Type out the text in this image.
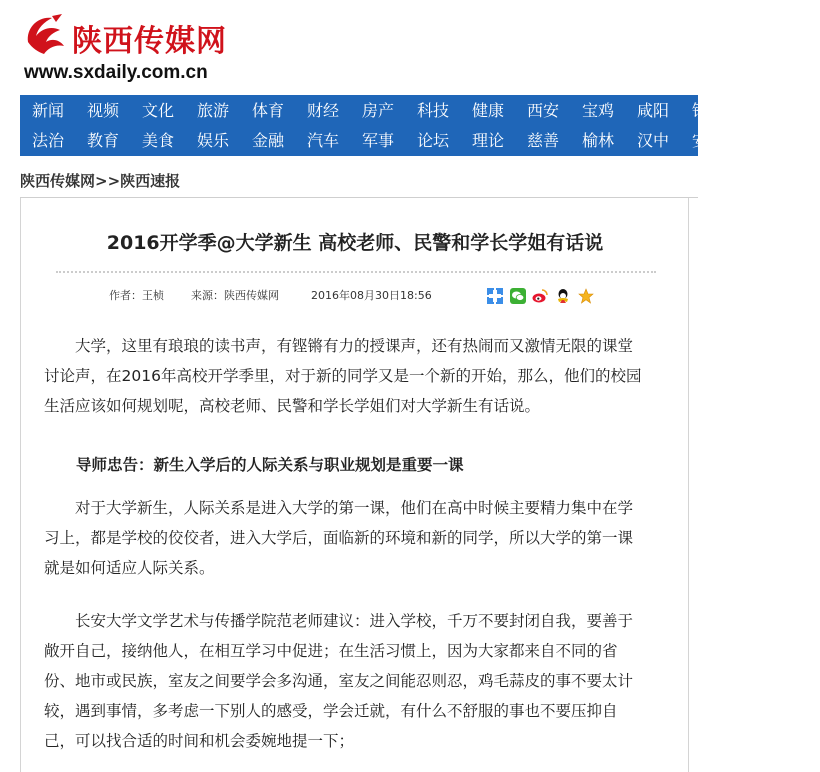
陕西传媒网
www.sxdaily.com.cn
新闻 视频 文化 旅游 体育 财经 房产 科技 健康 西安 宝鸡 咸阳 铜
法治 教育 美食 娱乐 金融 汽车 军事 论坛 理论 慈善 榆林 汉中 安
陕西传媒网>>陕西速报
2016开学季@大学新生 高校老师、民警和学长学姐有话说
作者：王桢 来源：陕西传媒网	2016年08月30日18:56
大学，这里有琅琅的读书声，有铿锵有力的授课声，还有热闹而又激情无限的课堂
讨论声，在2016年高校开学季里，对于新的同学又是一个新的开始，那么，他们的校园
生活应该如何规划呢，高校老师、民警和学长学姐们对大学新生有话说。
导师忠告：新生入学后的人际关系与职业规划是重要一课
对于大学新生，人际关系是进入大学的第一课，他们在高中时候主要精力集中在学
习上，都是学校的佼佼者，进入大学后，面临新的环境和新的同学，所以大学的第一课
就是如何适应人际关系。
长安大学文学艺术与传播学院范老师建议：进入学校，千万不要封闭自我，要善于
敞开自己，接纳他人，在相互学习中促进；在生活习惯上，因为大家都来自不同的省
份、地市或民族，室友之间要学会多沟通，室友之间能忍则忍，鸡毛蒜皮的事不要太计
较，遇到事情，多考虑一下别人的感受，学会迁就，有什么不舒服的事也不要压抑自
己，可以找合适的时间和机会委婉地提一下；
